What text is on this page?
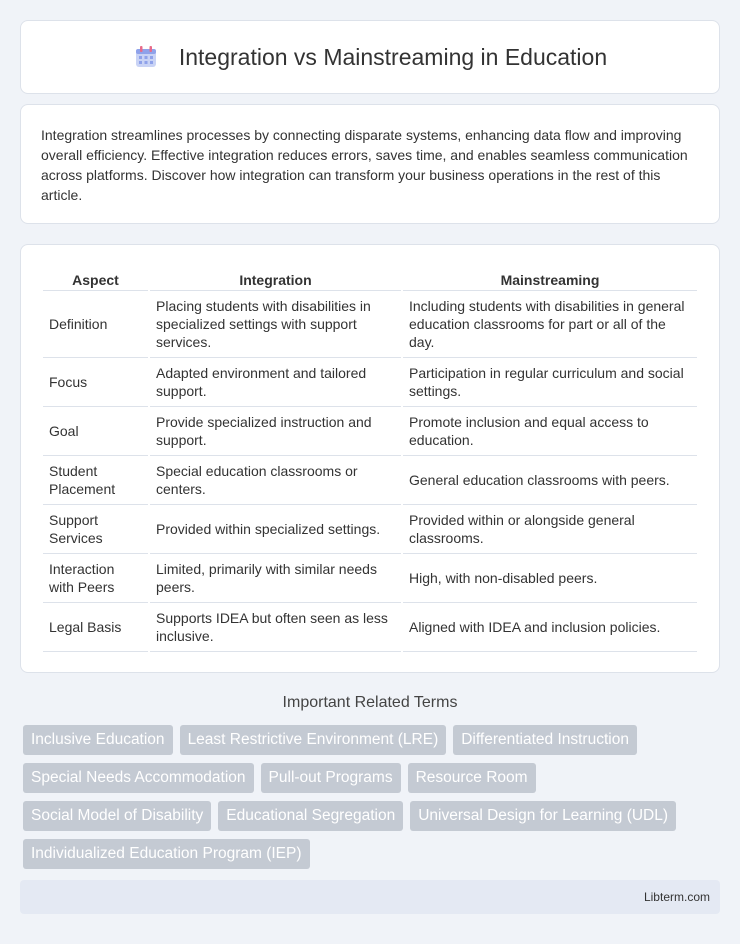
Integration vs Mainstreaming in Education

Integration streamlines processes by connecting disparate systems, enhancing data flow and improving overall efficiency. Effective integration reduces errors, saves time, and enables seamless communication across platforms. Discover how integration can transform your business operations in the rest of this article.

Aspect	Integration	Mainstreaming
Definition	Placing students with disabilities in specialized settings with support services.	Including students with disabilities in general education classrooms for part or all of the day.
Focus	Adapted environment and tailored support.	Participation in regular curriculum and social settings.
Goal	Provide specialized instruction and support.	Promote inclusion and equal access to education.
Student Placement	Special education classrooms or centers.	General education classrooms with peers.
Support Services	Provided within specialized settings.	Provided within or alongside general classrooms.
Interaction with Peers	Limited, primarily with similar needs peers.	High, with non-disabled peers.
Legal Basis	Supports IDEA but often seen as less inclusive.	Aligned with IDEA and inclusion policies.
Important Related Terms
Inclusive Education	Least Restrictive Environment (LRE)	Differentiated Instruction
Special Needs Accommodation	Pull-out Programs	Resource Room
Social Model of Disability	Educational Segregation	Universal Design for Learning (UDL)
Individualized Education Program (IEP)
Libterm.com
